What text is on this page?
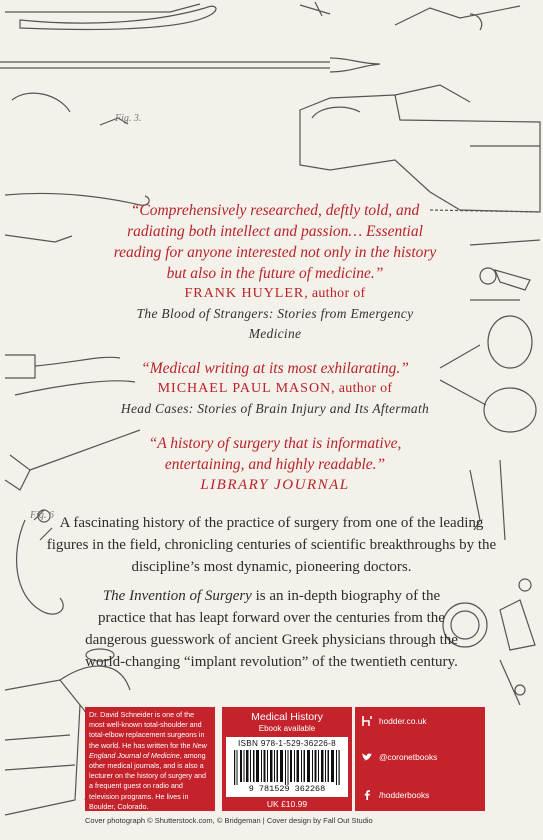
Fig. 3.
Fig. 6

“Comprehensively researched, deftly told, and radiating both intellect and passion… Essential reading for anyone interested not only in the history but also in the future of medicine.”

FRANK HUYLER, author of
The Blood of Strangers: Stories from Emergency Medicine

“Medical writing at its most exhilarating.”

MICHAEL PAUL MASON, author of
Head Cases: Stories of Brain Injury and Its Aftermath

“A history of surgery that is informative, entertaining, and highly readable.”

LIBRARY JOURNAL

A fascinating history of the practice of surgery from one of the leading figures in the field, chronicling centuries of scientific breakthroughs by the discipline’s most dynamic, pioneering doctors.

The Invention of Surgery is an in-depth biography of the practice that has leapt forward over the centuries from the dangerous guesswork of ancient Greek physicians through the world-changing “implant revolution” of the twentieth century.

Dr. David Schneider is one of the most well-known total-shoulder and total-elbow replacement surgeons in the world. He has written for the New England Journal of Medicine, among other medical journals, and is also a lecturer on the history of surgery and a frequent guest on radio and television programs. He lives in Boulder, Colorado.
Medical History
Ebook available
ISBN 978-1-529-36226-8
9 781529 362268
UK £10.99
hodder.co.uk
@coronetbooks
/hodderbooks
Cover photograph © Shutterstock.com, © Bridgeman | Cover design by Fall Out Studio
